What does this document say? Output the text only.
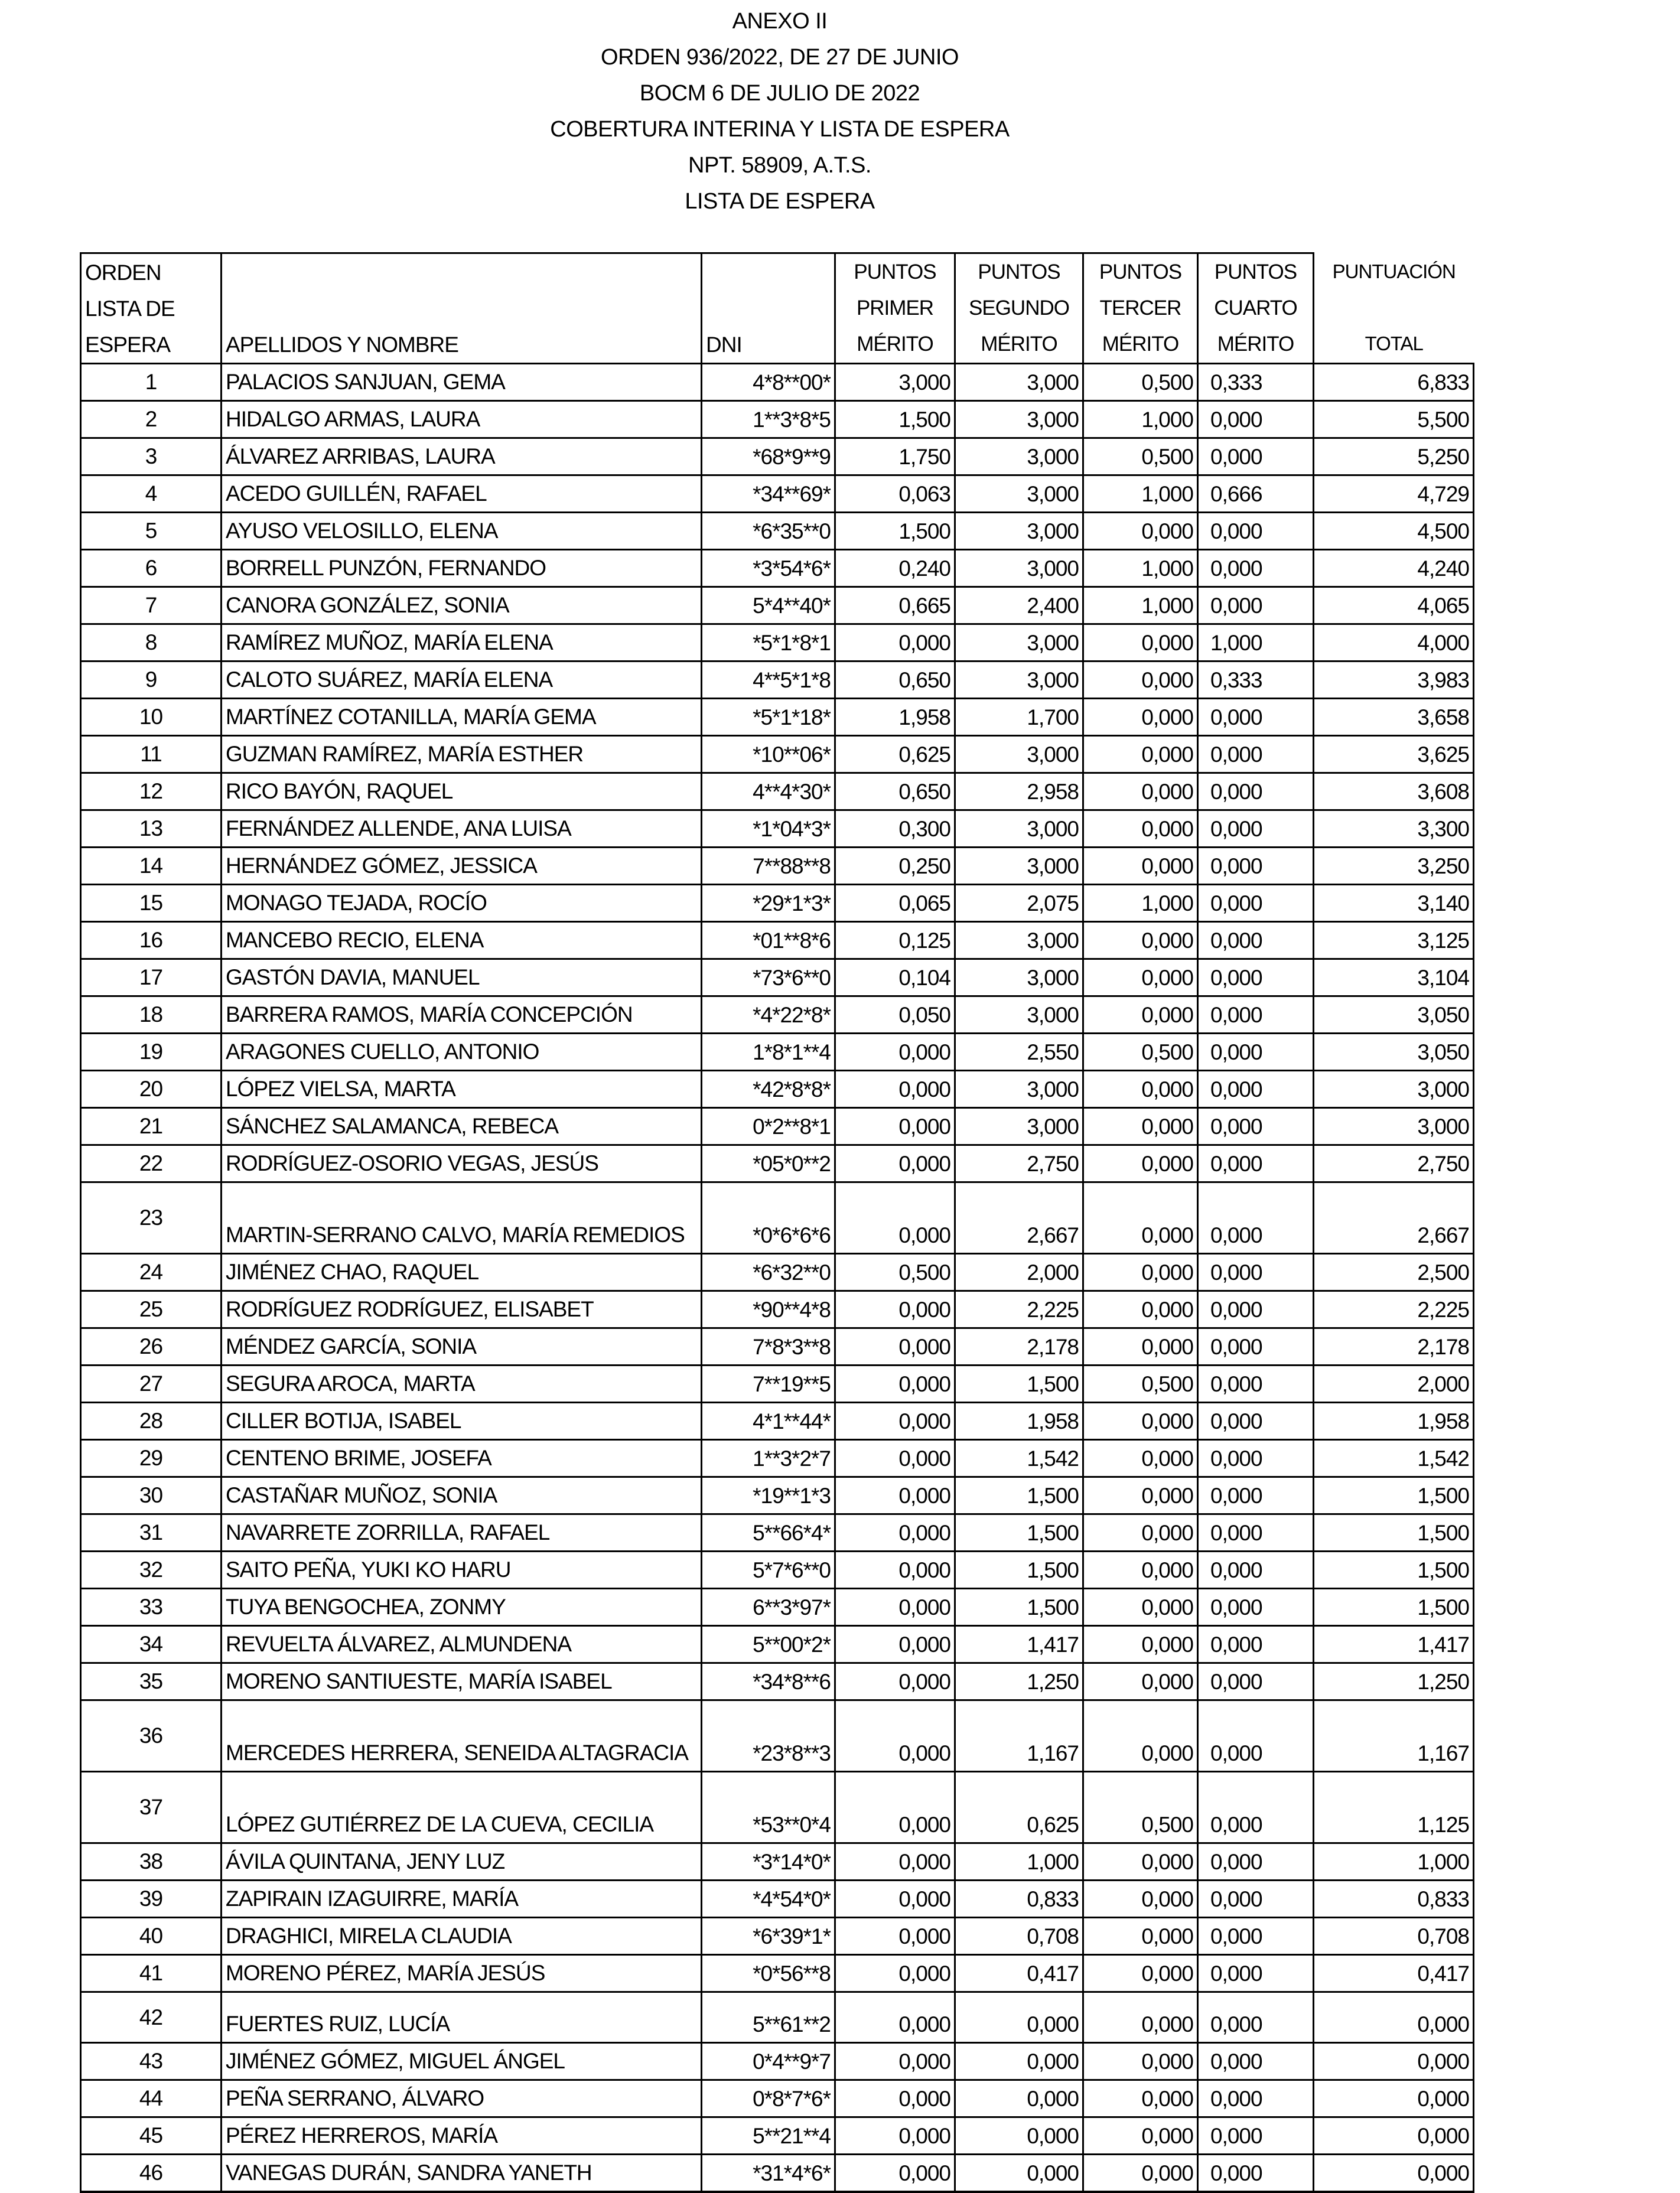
ANEXO II
ORDEN 936/2022, DE 27 DE JUNIO
BOCM 6 DE JULIO DE 2022
COBERTURA INTERINA Y LISTA DE ESPERA
NPT. 58909, A.T.S.
LISTA DE ESPERA
ORDEN
LISTA DE
ESPERA	APELLIDOS Y NOMBRE	DNI	PUNTOS
PRIMER
MÉRITO	PUNTOS
SEGUNDO
MÉRITO	PUNTOS
TERCER
MÉRITO	PUNTOS
CUARTO
MÉRITO	PUNTUACIÓN

TOTAL

1	PALACIOS SANJUAN, GEMA	4*8**00*	3,000	3,000	0,500	0,333	6,833
2	HIDALGO ARMAS, LAURA	1**3*8*5	1,500	3,000	1,000	0,000	5,500
3	ÁLVAREZ ARRIBAS, LAURA	*68*9**9	1,750	3,000	0,500	0,000	5,250
4	ACEDO GUILLÉN, RAFAEL	*34**69*	0,063	3,000	1,000	0,666	4,729
5	AYUSO VELOSILLO, ELENA	*6*35**0	1,500	3,000	0,000	0,000	4,500
6	BORRELL PUNZÓN, FERNANDO	*3*54*6*	0,240	3,000	1,000	0,000	4,240
7	CANORA GONZÁLEZ, SONIA	5*4**40*	0,665	2,400	1,000	0,000	4,065
8	RAMÍREZ MUÑOZ, MARÍA ELENA	*5*1*8*1	0,000	3,000	0,000	1,000	4,000
9	CALOTO SUÁREZ, MARÍA ELENA	4**5*1*8	0,650	3,000	0,000	0,333	3,983
10	MARTÍNEZ COTANILLA, MARÍA GEMA	*5*1*18*	1,958	1,700	0,000	0,000	3,658
11	GUZMAN RAMÍREZ, MARÍA ESTHER	*10**06*	0,625	3,000	0,000	0,000	3,625
12	RICO BAYÓN, RAQUEL	4**4*30*	0,650	2,958	0,000	0,000	3,608
13	FERNÁNDEZ ALLENDE, ANA LUISA	*1*04*3*	0,300	3,000	0,000	0,000	3,300
14	HERNÁNDEZ GÓMEZ, JESSICA	7**88**8	0,250	3,000	0,000	0,000	3,250
15	MONAGO TEJADA, ROCÍO	*29*1*3*	0,065	2,075	1,000	0,000	3,140
16	MANCEBO RECIO, ELENA	*01**8*6	0,125	3,000	0,000	0,000	3,125
17	GASTÓN DAVIA, MANUEL	*73*6**0	0,104	3,000	0,000	0,000	3,104
18	BARRERA RAMOS, MARÍA CONCEPCIÓN	*4*22*8*	0,050	3,000	0,000	0,000	3,050
19	ARAGONES CUELLO, ANTONIO	1*8*1**4	0,000	2,550	0,500	0,000	3,050
20	LÓPEZ VIELSA, MARTA	*42*8*8*	0,000	3,000	0,000	0,000	3,000
21	SÁNCHEZ SALAMANCA, REBECA	0*2**8*1	0,000	3,000	0,000	0,000	3,000
22	RODRÍGUEZ-OSORIO VEGAS, JESÚS	*05*0**2	0,000	2,750	0,000	0,000	2,750
23	MARTIN-SERRANO CALVO, MARÍA REMEDIOS	*0*6*6*6	0,000	2,667	0,000	0,000	2,667
24	JIMÉNEZ CHAO, RAQUEL	*6*32**0	0,500	2,000	0,000	0,000	2,500
25	RODRÍGUEZ RODRÍGUEZ, ELISABET	*90**4*8	0,000	2,225	0,000	0,000	2,225
26	MÉNDEZ GARCÍA, SONIA	7*8*3**8	0,000	2,178	0,000	0,000	2,178
27	SEGURA AROCA, MARTA	7**19**5	0,000	1,500	0,500	0,000	2,000
28	CILLER BOTIJA, ISABEL	4*1**44*	0,000	1,958	0,000	0,000	1,958
29	CENTENO BRIME, JOSEFA	1**3*2*7	0,000	1,542	0,000	0,000	1,542
30	CASTAÑAR MUÑOZ, SONIA	*19**1*3	0,000	1,500	0,000	0,000	1,500
31	NAVARRETE ZORRILLA, RAFAEL	5**66*4*	0,000	1,500	0,000	0,000	1,500
32	SAITO PEÑA, YUKI KO HARU	5*7*6**0	0,000	1,500	0,000	0,000	1,500
33	TUYA BENGOCHEA, ZONMY	6**3*97*	0,000	1,500	0,000	0,000	1,500
34	REVUELTA ÁLVAREZ, ALMUNDENA	5**00*2*	0,000	1,417	0,000	0,000	1,417
35	MORENO SANTIUESTE, MARÍA ISABEL	*34*8**6	0,000	1,250	0,000	0,000	1,250
36	MERCEDES HERRERA, SENEIDA ALTAGRACIA	*23*8**3	0,000	1,167	0,000	0,000	1,167
37	LÓPEZ GUTIÉRREZ DE LA CUEVA, CECILIA	*53**0*4	0,000	0,625	0,500	0,000	1,125
38	ÁVILA QUINTANA, JENY LUZ	*3*14*0*	0,000	1,000	0,000	0,000	1,000
39	ZAPIRAIN IZAGUIRRE, MARÍA	*4*54*0*	0,000	0,833	0,000	0,000	0,833
40	DRAGHICI, MIRELA CLAUDIA	*6*39*1*	0,000	0,708	0,000	0,000	0,708
41	MORENO PÉREZ, MARÍA JESÚS	*0*56**8	0,000	0,417	0,000	0,000	0,417
42	FUERTES RUIZ, LUCÍA	5**61**2	0,000	0,000	0,000	0,000	0,000
43	JIMÉNEZ GÓMEZ, MIGUEL ÁNGEL	0*4**9*7	0,000	0,000	0,000	0,000	0,000
44	PEÑA SERRANO, ÁLVARO	0*8*7*6*	0,000	0,000	0,000	0,000	0,000
45	PÉREZ HERREROS, MARÍA	5**21**4	0,000	0,000	0,000	0,000	0,000
46	VANEGAS DURÁN, SANDRA YANETH	*31*4*6*	0,000	0,000	0,000	0,000	0,000
